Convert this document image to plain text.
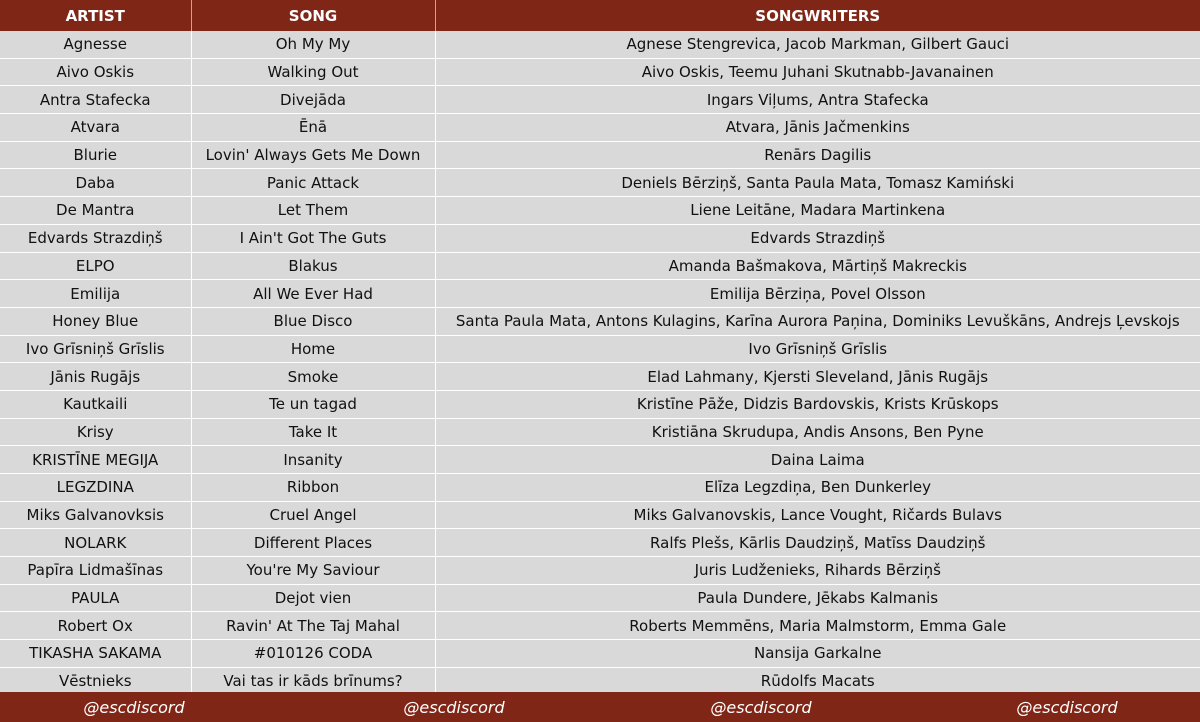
ARTIST	SONG	SONGWRITERS
Agnesse	Oh My My	Agnese Stengrevica, Jacob Markman, Gilbert Gauci
Aivo Oskis	Walking Out	Aivo Oskis, Teemu Juhani Skutnabb-Javanainen
Antra Stafecka	Divejāda	Ingars Viļums, Antra Stafecka
Atvara	Ēnā	Atvara, Jānis Jačmenkins
Blurie	Lovin' Always Gets Me Down	Renārs Dagilis
Daba	Panic Attack	Deniels Bērziņš, Santa Paula Mata, Tomasz Kamiński
De Mantra	Let Them	Liene Leitāne, Madara Martinkena
Edvards Strazdiņš	I Ain't Got The Guts	Edvards Strazdiņš
ELPO	Blakus	Amanda Bašmakova, Mārtiņš Makreckis
Emilija	All We Ever Had	Emilija Bērziņa, Povel Olsson
Honey Blue	Blue Disco	Santa Paula Mata, Antons Kulagins, Karīna Aurora Paņina, Dominiks Levuškāns, Andrejs Ļevskojs
Ivo Grīsniņš Grīslis	Home	Ivo Grīsniņš Grīslis
Jānis Rugājs	Smoke	Elad Lahmany, Kjersti Sleveland, Jānis Rugājs
Kautkaili	Te un tagad	Kristīne Pāže, Didzis Bardovskis, Krists Krūskops
Krisy	Take It	Kristiāna Skrudupa, Andis Ansons, Ben Pyne
KRISTĪNE MEGIJA	Insanity	Daina Laima
LEGZDINA	Ribbon	Elīza Legzdiņa, Ben Dunkerley
Miks Galvanovksis	Cruel Angel	Miks Galvanovskis, Lance Vought, Ričards Bulavs
NOLARK	Different Places	Ralfs Plešs, Kārlis Daudziņš, Matīss Daudziņš
Papīra Lidmašīnas	You're My Saviour	Juris Ludženieks, Rihards Bērziņš
PAULA	Dejot vien	Paula Dundere, Jēkabs Kalmanis
Robert Ox	Ravin' At The Taj Mahal	Roberts Memmēns, Maria Malmstorm, Emma Gale
TIKASHA SAKAMA	#010126 CODA	Nansija Garkalne
Vēstnieks	Vai tas ir kāds brīnums?	Rūdolfs Macats
@escdiscord	@escdiscord	@escdiscord	@escdiscord
